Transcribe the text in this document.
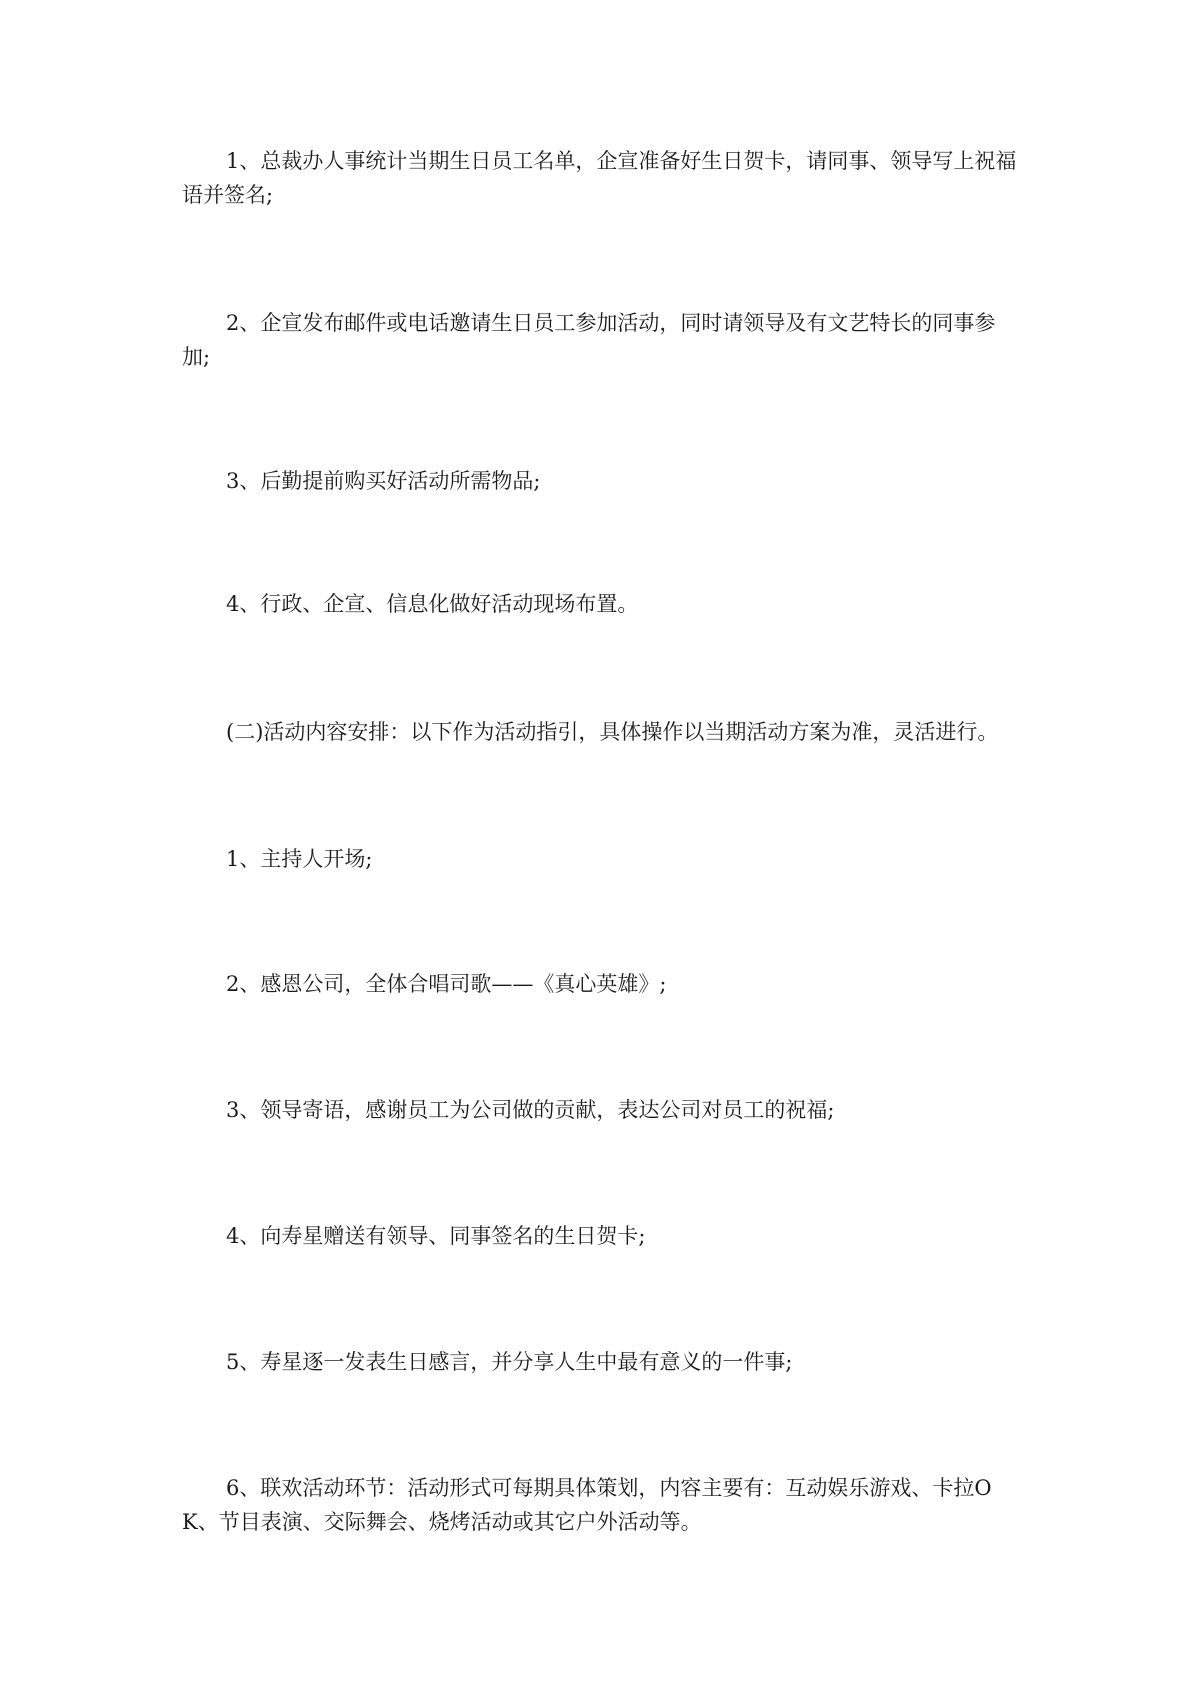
1、总裁办人事统计当期生日员工名单，企宣准备好生日贺卡，请同事、领导写上祝福语并签名;

2、企宣发布邮件或电话邀请生日员工参加活动，同时请领导及有文艺特长的同事参加;

3、后勤提前购买好活动所需物品;

4、行政、企宣、信息化做好活动现场布置。

(二)活动内容安排：以下作为活动指引，具体操作以当期活动方案为准，灵活进行。

1、主持人开场;

2、感恩公司，全体合唱司歌——《真心英雄》;

3、领导寄语，感谢员工为公司做的贡献，表达公司对员工的祝福;

4、向寿星赠送有领导、同事签名的生日贺卡;

5、寿星逐一发表生日感言，并分享人生中最有意义的一件事;

6、联欢活动环节：活动形式可每期具体策划，内容主要有：互动娱乐游戏、卡拉OK、节目表演、交际舞会、烧烤活动或其它户外活动等。
